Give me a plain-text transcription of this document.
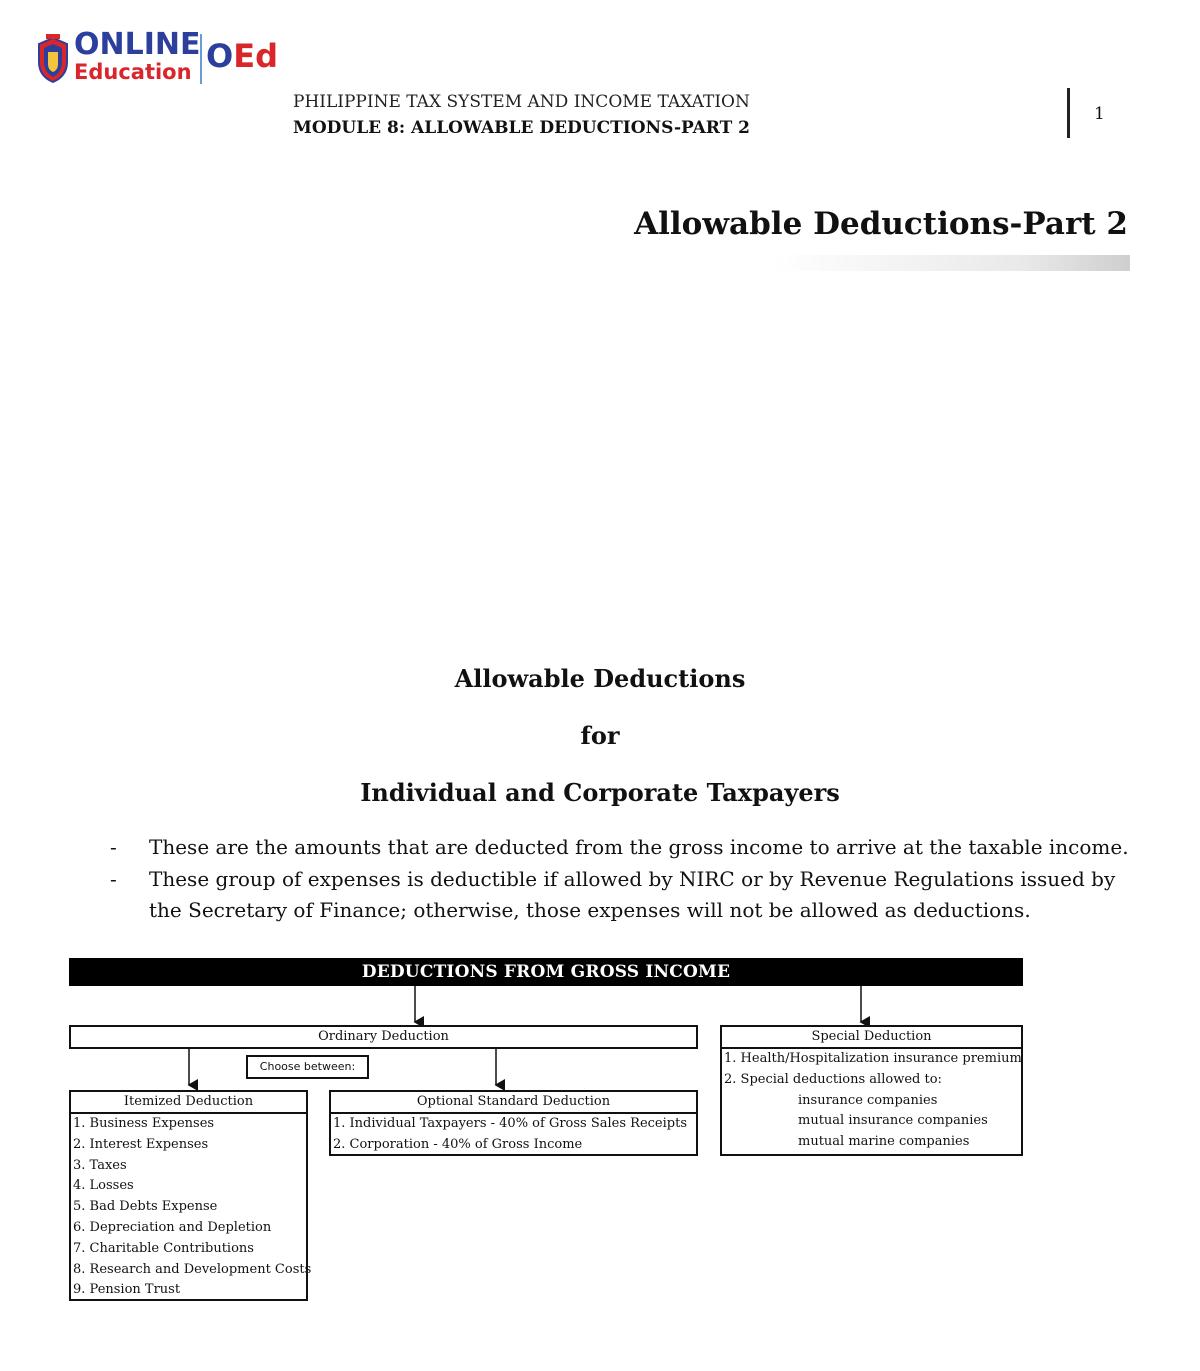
ONLINE
Education OEd
PHILIPPINE TAX SYSTEM AND INCOME TAXATION
MODULE 8: ALLOWABLE DEDUCTIONS-PART 2
1
Allowable Deductions-Part 2
Allowable Deductions
for
Individual and Corporate Taxpayers
- These are the amounts that are deducted from the gross income to arrive at the taxable income.
- These group of expenses is deductible if allowed by NIRC or by Revenue Regulations issued by the Secretary of Finance; otherwise, those expenses will not be allowed as deductions.
DEDUCTIONS FROM GROSS INCOME
Ordinary Deduction
Choose between:
Itemized Deduction
1. Business Expenses
2. Interest Expenses
3. Taxes
4. Losses
5. Bad Debts Expense
6. Depreciation and Depletion
7. Charitable Contributions
8. Research and Development Costs
9. Pension Trust
Optional Standard Deduction
1. Individual Taxpayers - 40% of Gross Sales Receipts
2. Corporation - 40% of Gross Income
Special Deduction
1. Health/Hospitalization insurance premium
2. Special deductions allowed to:
insurance companies
mutual insurance companies
mutual marine companies
